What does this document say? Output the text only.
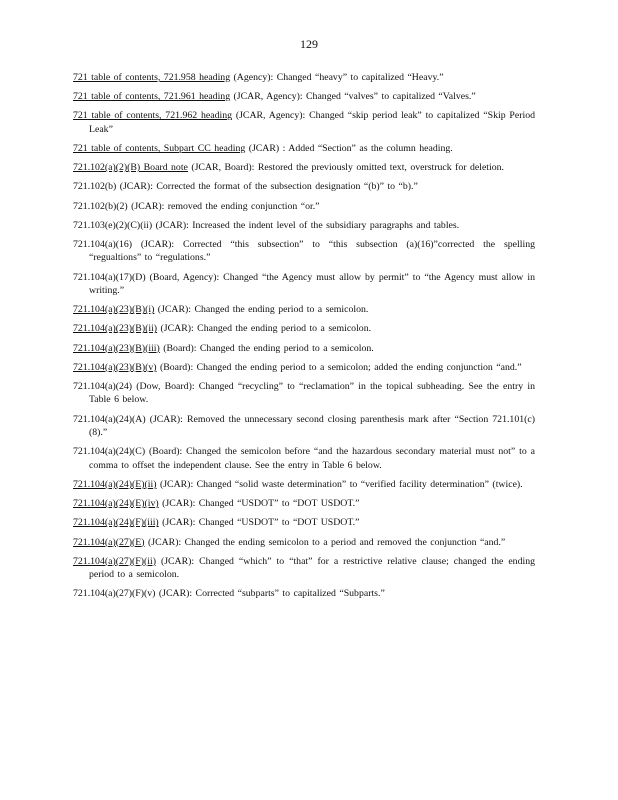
129

721 table of contents, 721.958 heading (Agency): Changed “heavy” to capitalized “Heavy.”

721 table of contents, 721.961 heading (JCAR, Agency): Changed “valves” to capitalized “Valves.”

721 table of contents, 721.962 heading (JCAR, Agency): Changed “skip period leak” to capitalized “Skip Period Leak”

721 table of contents, Subpart CC heading (JCAR) : Added “Section” as the column heading.

721.102(a)(2)(B) Board note (JCAR, Board): Restored the previously omitted text, overstruck for deletion.

721.102(b) (JCAR): Corrected the format of the subsection designation “(b)” to “b).”

721.102(b)(2) (JCAR): removed the ending conjunction “or.”

721.103(e)(2)(C)(ii) (JCAR): Increased the indent level of the subsidiary paragraphs and tables.

721.104(a)(16) (JCAR): Corrected “this subsection” to “this subsection (a)(16)”corrected the spelling “regualtions” to “regulations.”

721.104(a)(17)(D) (Board, Agency): Changed “the Agency must allow by permit” to “the Agency must allow in writing.”

721.104(a)(23)(B)(i) (JCAR): Changed the ending period to a semicolon.

721.104(a)(23)(B)(ii) (JCAR): Changed the ending period to a semicolon.

721.104(a)(23)(B)(iii) (Board): Changed the ending period to a semicolon.

721.104(a)(23)(B)(v) (Board): Changed the ending period to a semicolon; added the ending conjunction “and.”

721.104(a)(24) (Dow, Board): Changed “recycling” to “reclamation” in the topical subheading. See the entry in Table 6 below.

721.104(a)(24)(A) (JCAR): Removed the unnecessary second closing parenthesis mark after “Section 721.101(c)(8).”

721.104(a)(24)(C) (Board): Changed the semicolon before “and the hazardous secondary material must not” to a comma to offset the independent clause. See the entry in Table 6 below.

721.104(a)(24)(E)(ii) (JCAR): Changed “solid waste determination” to “verified facility determination” (twice).

721.104(a)(24)(E)(iv) (JCAR): Changed “USDOT” to “DOT USDOT.”

721.104(a)(24)(F)(iii) (JCAR): Changed “USDOT” to “DOT USDOT.”

721.104(a)(27)(E) (JCAR): Changed the ending semicolon to a period and removed the conjunction “and.”

721.104(a)(27)(F)(ii) (JCAR): Changed “which” to “that” for a restrictive relative clause; changed the ending period to a semicolon.

721.104(a)(27)(F)(v) (JCAR): Corrected “subparts” to capitalized “Subparts.”
